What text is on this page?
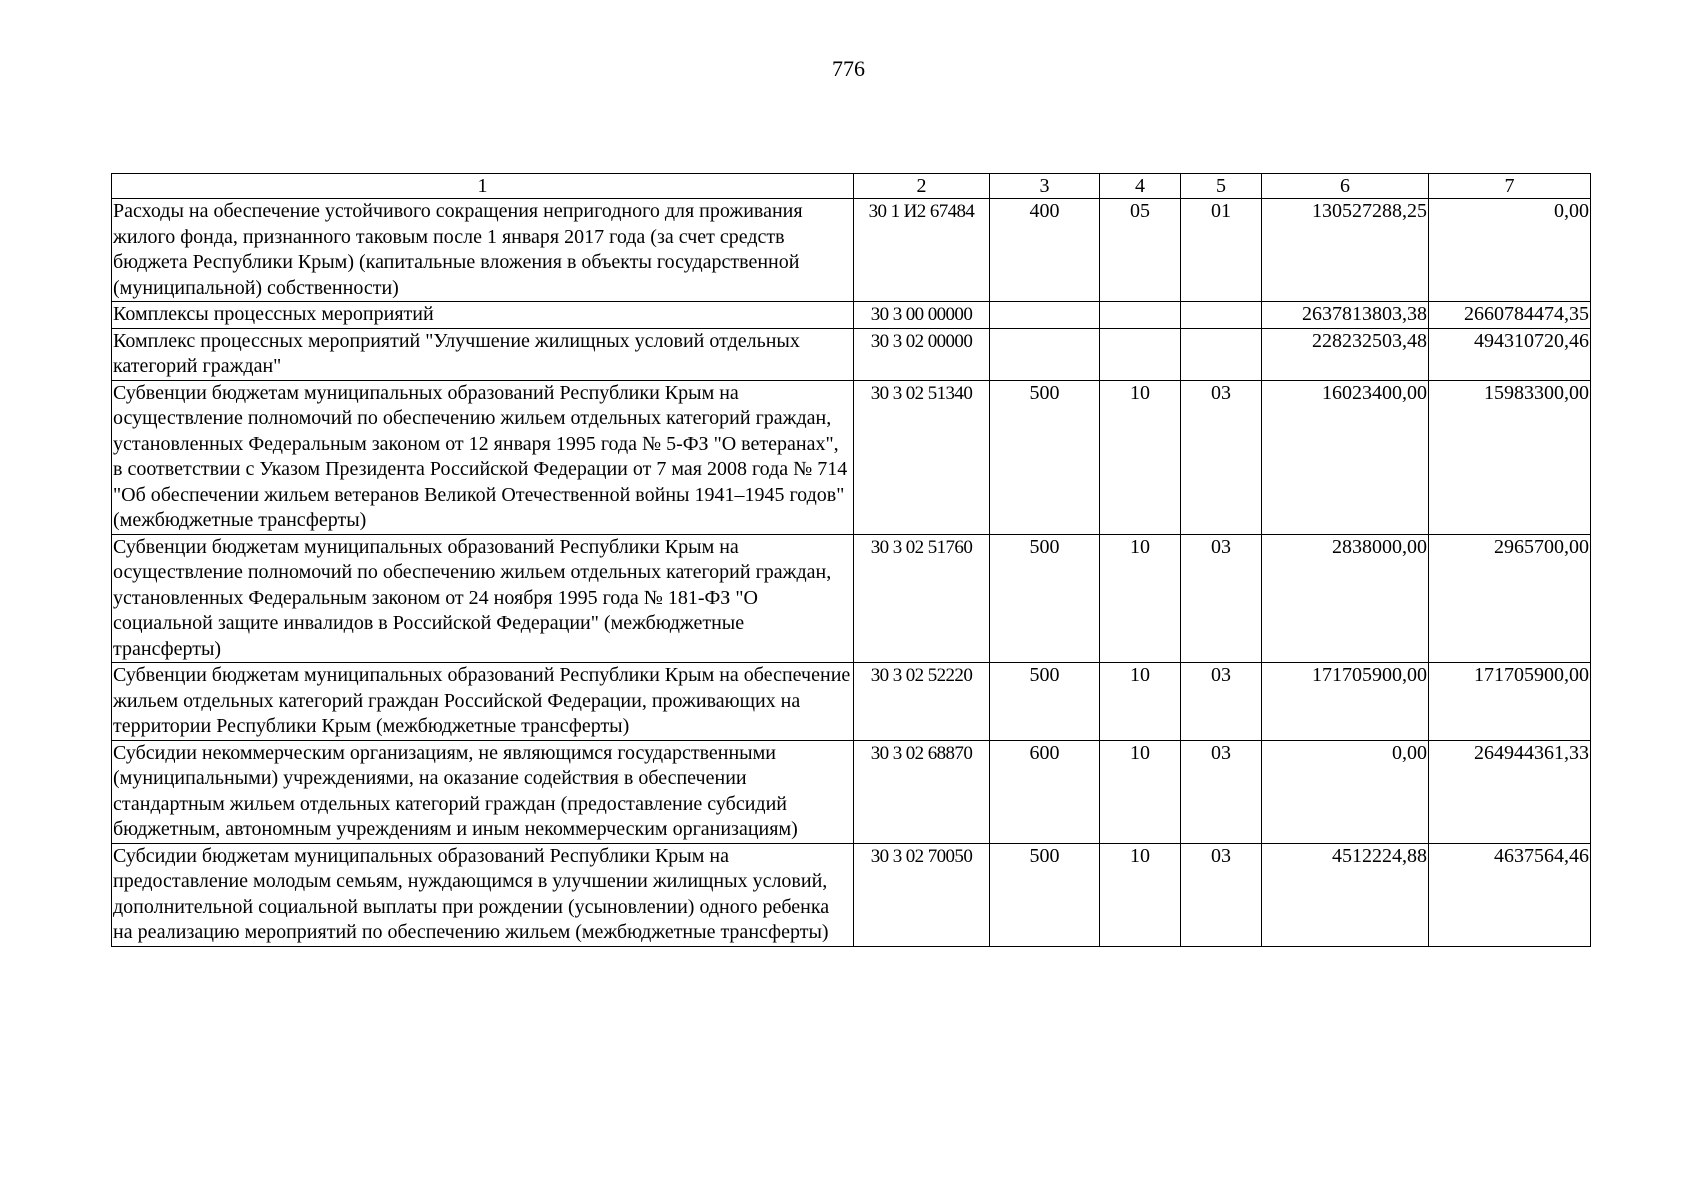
776
1	2	3	4	5	6	7
Расходы на обеспечение устойчивого сокращения непригодного для проживания жилого фонда, признанного таковым после 1 января 2017 года (за счет средств бюджета Республики Крым) (капитальные вложения в объекты государственной (муниципальной) собственности)	30 1 И2 67484	400	05	01	130527288,25	0,00
Комплексы процессных мероприятий	30 3 00 00000				2637813803,38	2660784474,35
Комплекс процессных мероприятий "Улучшение жилищных условий отдельных категорий граждан"	30 3 02 00000				228232503,48	494310720,46
Субвенции бюджетам муниципальных образований Республики Крым на осуществление полномочий по обеспечению жильем отдельных категорий граждан, установленных Федеральным законом от 12 января 1995 года № 5-ФЗ "О ветеранах", в соответствии с Указом Президента Российской Федерации от 7 мая 2008 года № 714 "Об обеспечении жильем ветеранов Великой Отечественной войны 1941–1945 годов" (межбюджетные трансферты)	30 3 02 51340	500	10	03	16023400,00	15983300,00
Субвенции бюджетам муниципальных образований Республики Крым на осуществление полномочий по обеспечению жильем отдельных категорий граждан, установленных Федеральным законом от 24 ноября 1995 года № 181-ФЗ "О социальной защите инвалидов в Российской Федерации" (межбюджетные трансферты)	30 3 02 51760	500	10	03	2838000,00	2965700,00
Субвенции бюджетам муниципальных образований Республики Крым на обеспечение жильем отдельных категорий граждан Российской Федерации, проживающих на территории Республики Крым (межбюджетные трансферты)	30 3 02 52220	500	10	03	171705900,00	171705900,00
Субсидии некоммерческим организациям, не являющимся государственными (муниципальными) учреждениями, на оказание содействия в обеспечении стандартным жильем отдельных категорий граждан (предоставление субсидий бюджетным, автономным учреждениям и иным некоммерческим организациям)	30 3 02 68870	600	10	03	0,00	264944361,33
Субсидии бюджетам муниципальных образований Республики Крым на предоставление молодым семьям, нуждающимся в улучшении жилищных условий, дополнительной социальной выплаты при рождении (усыновлении) одного ребенка на реализацию мероприятий по обеспечению жильем (межбюджетные трансферты)	30 3 02 70050	500	10	03	4512224,88	4637564,46
